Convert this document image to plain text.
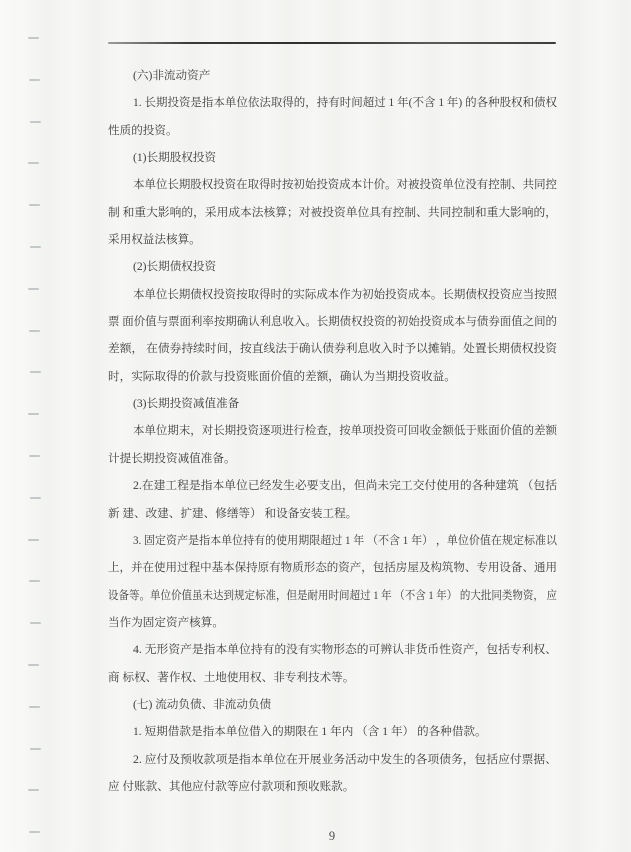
(六)非流动资产
1. 长期投资是指本单位依法取得的，持有时间超过 1 年(不含 1 年) 的各种股权和债权
性质的投资。
(1)长期股权投资
本单位长期股权投资在取得时按初始投资成本计价。对被投资单位没有控制、共同控
制 和重大影响的，采用成本法核算；对被投资单位具有控制、共同控制和重大影响的，
采用权益法核算。
(2)长期债权投资
本单位长期债权投资按取得时的实际成本作为初始投资成本。长期债权投资应当按照
票 面价值与票面利率按期确认利息收入。长期债权投资的初始投资成本与债券面值之间的
差额， 在债券持续时间，按直线法于确认债券利息收入时予以摊销。处置长期债权投资
时，实际取得的价款与投资账面价值的差额，确认为当期投资收益。
(3)长期投资减值准备
本单位期末，对长期投资逐项进行检查，按单项投资可回收金额低于账面价值的差额
计提长期投资减值准备。
2.在建工程是指本单位已经发生必要支出，但尚未完工交付使用的各种建筑 （包括
新 建、改建、扩建、修缮等） 和设备安装工程。
3. 固定资产是指本单位持有的使用期限超过 1 年 （不含 1 年） ，单位价值在规定标准以
上，并在使用过程中基本保持原有物质形态的资产，包括房屋及构筑物、专用设备、通用
设备等。单位价值虽未达到规定标准，但是耐用时间超过 1 年 （不含 1 年） 的大批同类物资， 应
当作为固定资产核算。
4. 无形资产是指本单位持有的没有实物形态的可辨认非货币性资产，包括专利权、
商 标权、著作权、土地使用权、非专利技术等。
(七) 流动负债、非流动负债
1. 短期借款是指本单位借入的期限在 1 年内 （含 1 年） 的各种借款。
2. 应付及预收款项是指本单位在开展业务活动中发生的各项债务，包括应付票据、
应 付账款、其他应付款等应付款项和预收账款。
9
